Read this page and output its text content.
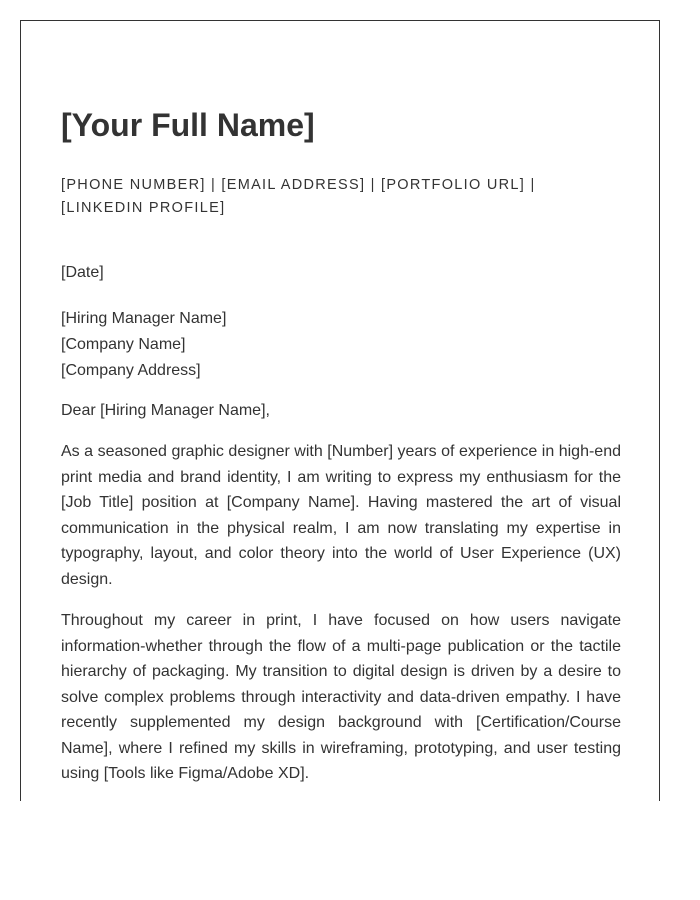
[Your Full Name]
[PHONE NUMBER] | [EMAIL ADDRESS] | [PORTFOLIO URL] | [LINKEDIN PROFILE]
[Date]
[Hiring Manager Name]
[Company Name]
[Company Address]
Dear [Hiring Manager Name],

As a seasoned graphic designer with [Number] years of experience in high-end print media and brand identity, I am writing to express my enthusiasm for the [Job Title] position at [Company Name]. Having mastered the art of visual communication in the physical realm, I am now translating my expertise in typography, layout, and color theory into the world of User Experience (UX) design.

Throughout my career in print, I have focused on how users navigate information-whether through the flow of a multi-page publication or the tactile hierarchy of packaging. My transition to digital design is driven by a desire to solve complex problems through interactivity and data-driven empathy. I have recently supplemented my design background with [Certification/Course Name], where I refined my skills in wireframing, prototyping, and user testing using [Tools like Figma/Adobe XD].
